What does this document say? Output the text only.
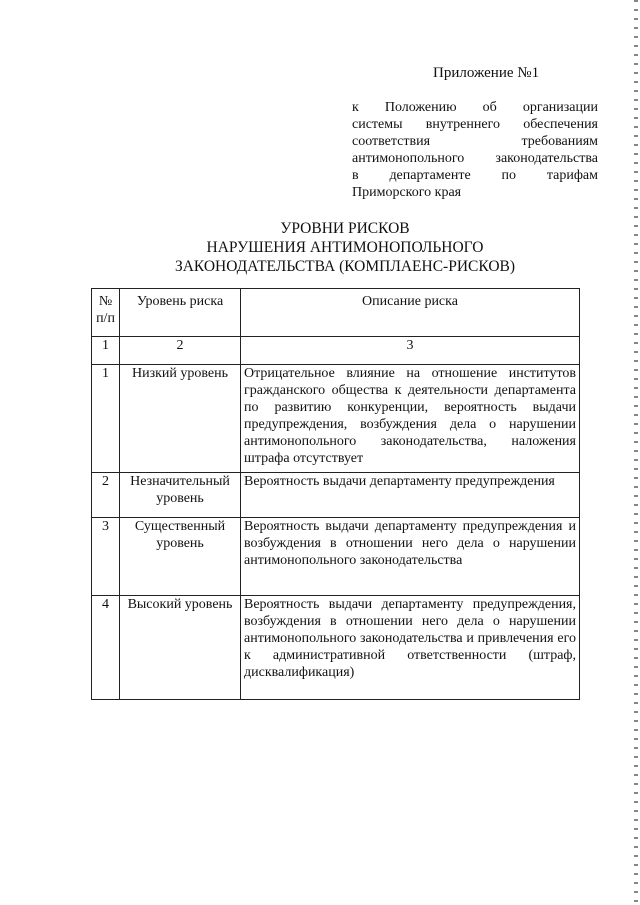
Приложение №1
к Положению об организации
системы внутреннего обеспечения
соответствия требованиям
антимонопольного законодательства
в департаменте по тарифам
Приморского края
УРОВНИ РИСКОВ
НАРУШЕНИЯ АНТИМОНОПОЛЬНОГО
ЗАКОНОДАТЕЛЬСТВА (КОМПЛАЕНС-РИСКОВ)
№ п/п	Уровень риска	Описание риска
1	2	3
1	Низкий уровень	Отрицательное влияние на отношение институтов гражданского общества к деятельности департамента по развитию конкуренции, вероятность выдачи предупреждения, возбуждения дела о нарушении антимонопольного законодательства, наложения штрафа отсутствует
2	Незначительный уровень	Вероятность выдачи департаменту предупреждения
3	Существенный уровень	Вероятность выдачи департаменту предупреждения и возбуждения в отношении него дела о нарушении антимонопольного законодательства
4	Высокий уровень	Вероятность выдачи департаменту предупреждения, возбуждения в отношении него дела о нарушении антимонопольного законодательства и привлечения его к административной ответственности (штраф, дисквалификация)
